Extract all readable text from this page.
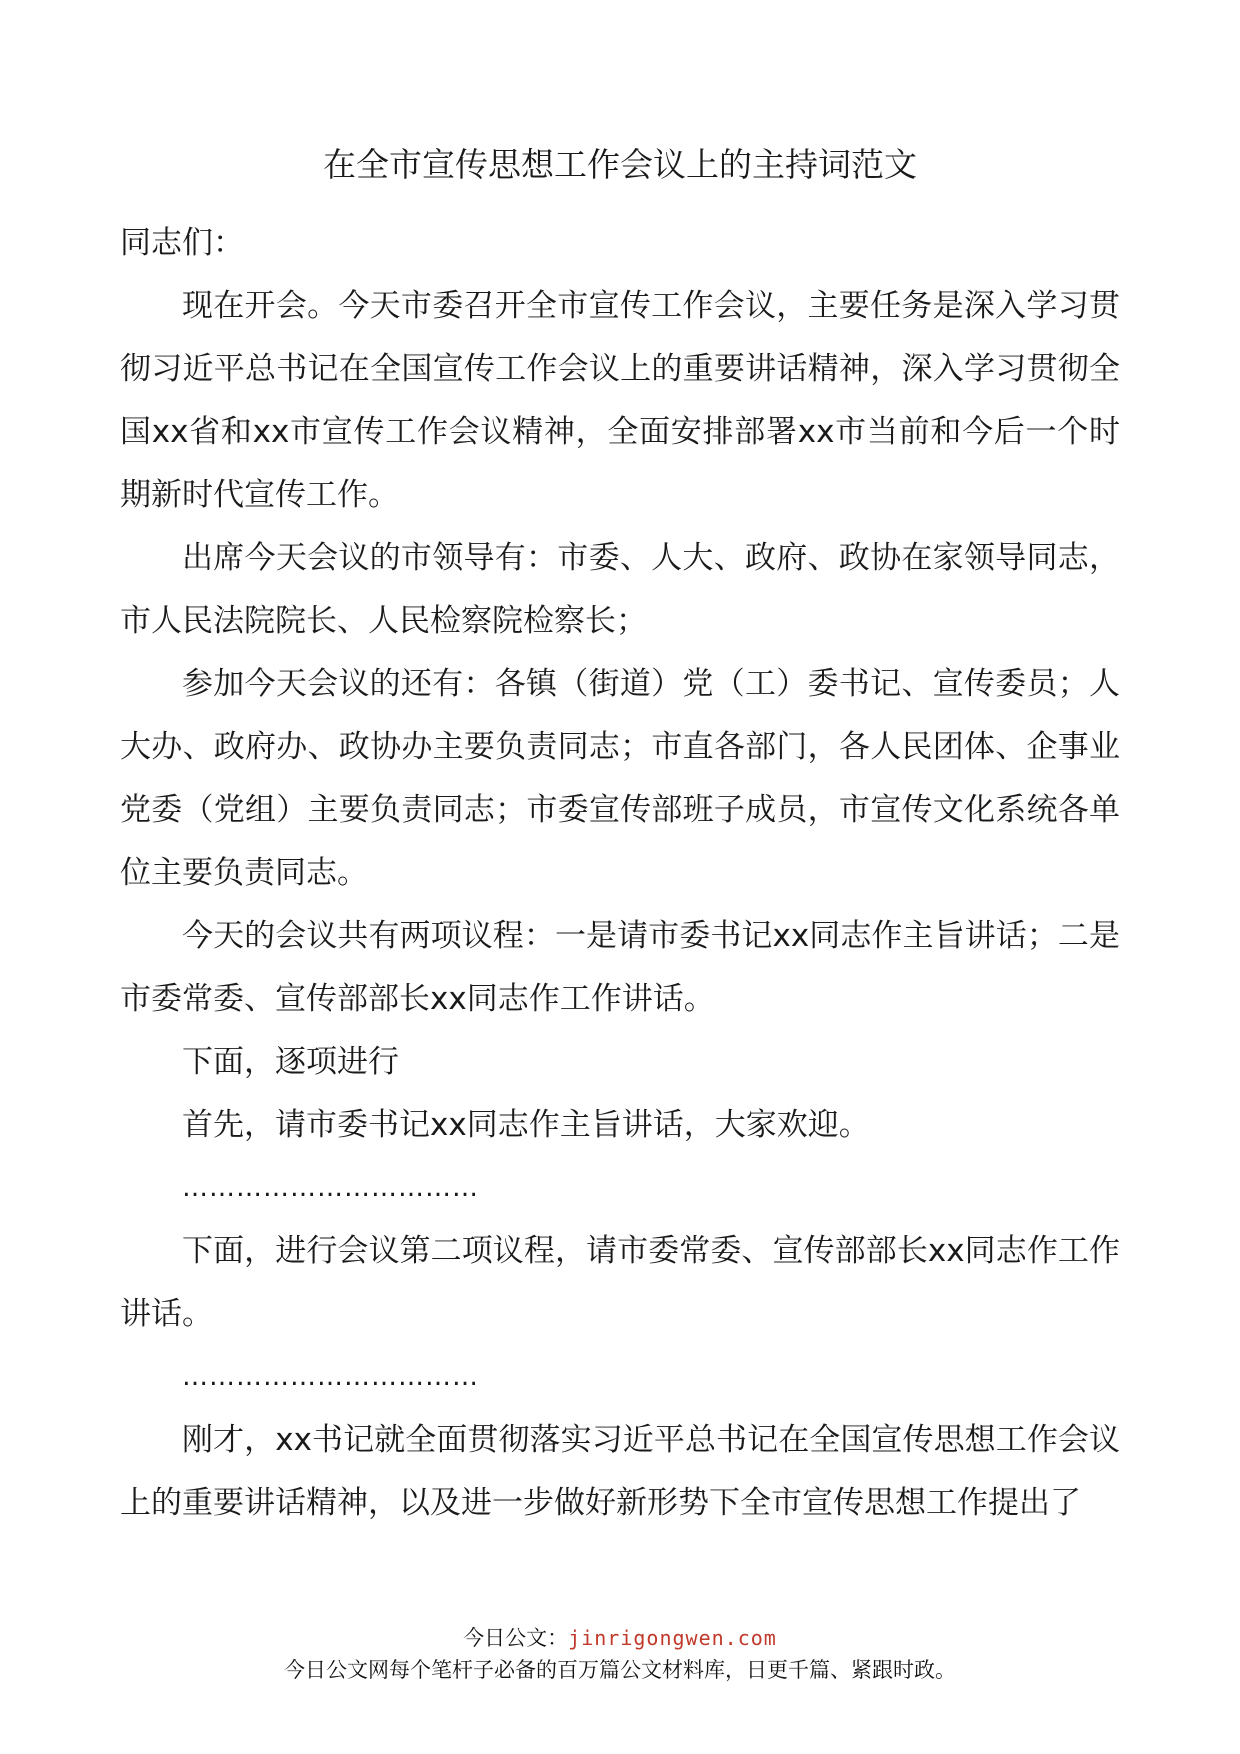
在全市宣传思想工作会议上的主持词范文

同志们：

现在开会。今天市委召开全市宣传工作会议，主要任务是深入学习贯彻习近平总书记在全国宣传工作会议上的重要讲话精神，深入学习贯彻全国xx省和xx市宣传工作会议精神，全面安排部署xx市当前和今后一个时期新时代宣传工作。

出席今天会议的市领导有：市委、人大、政府、政协在家领导同志，市人民法院院长、人民检察院检察长；

参加今天会议的还有：各镇（街道）党（工）委书记、宣传委员；人大办、政府办、政协办主要负责同志；市直各部门，各人民团体、企事业党委（党组）主要负责同志；市委宣传部班子成员，市宣传文化系统各单位主要负责同志。

今天的会议共有两项议程：一是请市委书记xx同志作主旨讲话；二是市委常委、宣传部部长xx同志作工作讲话。

下面，逐项进行

首先，请市委书记xx同志作主旨讲话，大家欢迎。

……………………………

下面，进行会议第二项议程，请市委常委、宣传部部长xx同志作工作讲话。

……………………………

刚才，xx书记就全面贯彻落实习近平总书记在全国宣传思想工作会议上的重要讲话精神，以及进一步做好新形势下全市宣传思想工作提出了

今日公文：jinrigongwen.com
今日公文网每个笔杆子必备的百万篇公文材料库，日更千篇、紧跟时政。
